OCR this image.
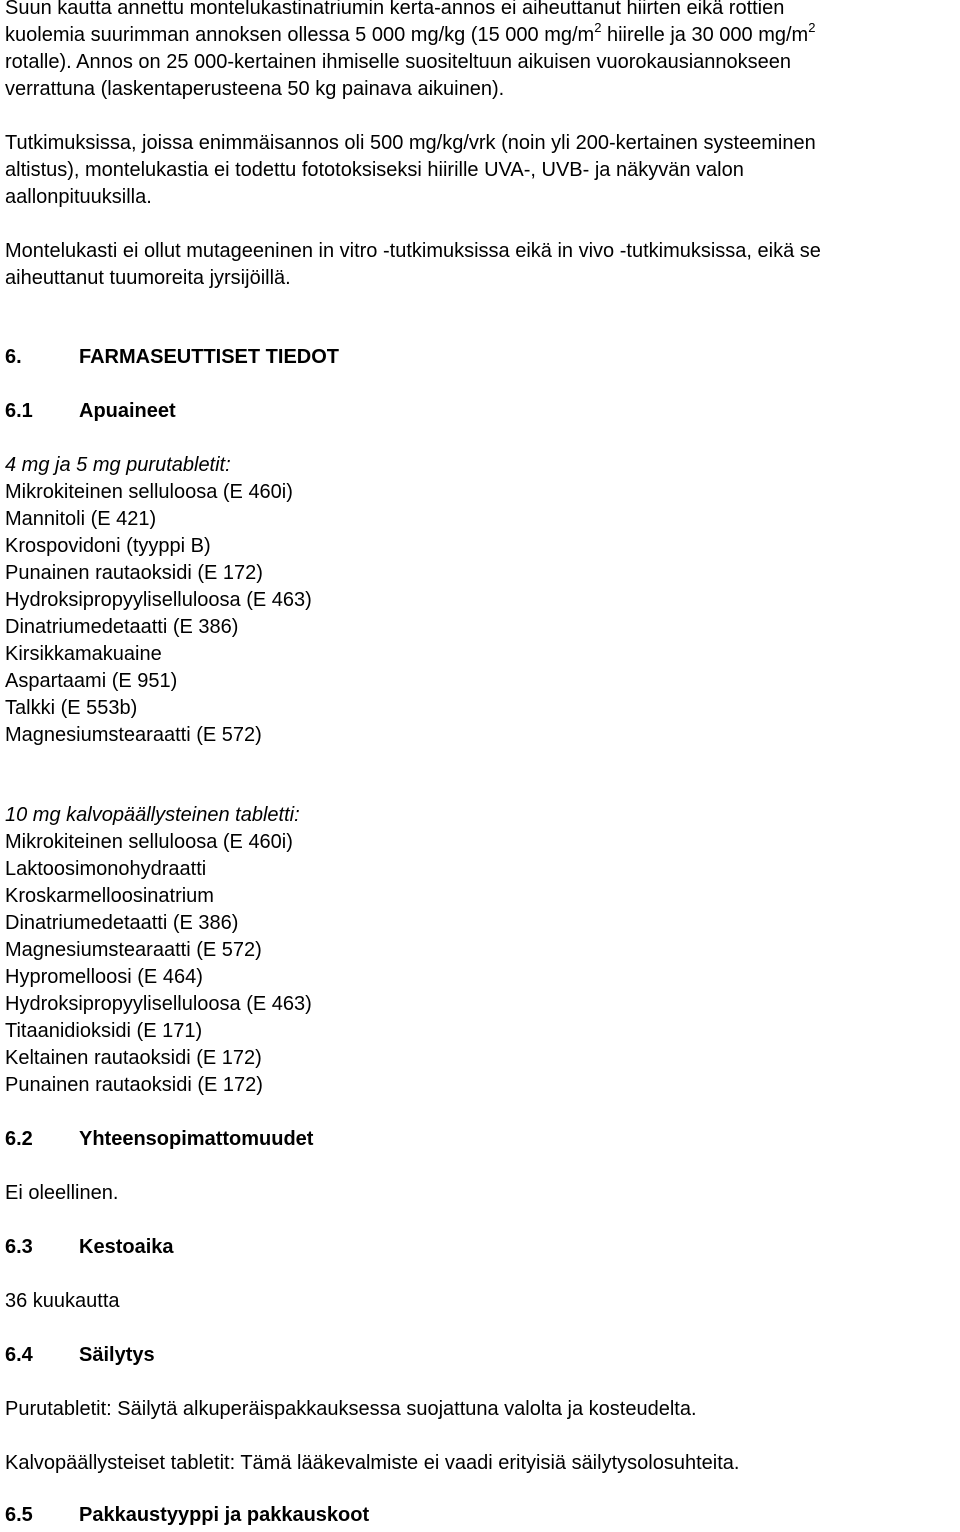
Suun kautta annettu montelukastinatriumin kerta-annos ei aiheuttanut hiirten eikä rottien
kuolemia suurimman annoksen ollessa 5 000 mg/kg (15 000 $mg/m^2$ hiirelle ja 30 000 $mg/m^2$
rotalle). Annos on 25 000-kertainen ihmiselle suositeltuun aikuisen vuorokausiannokseen
verrattuna (laskentaperusteena 50 kg painava aikuinen).
Tutkimuksissa, joissa enimmäisannos oli 500 mg/kg/vrk (noin yli 200-kertainen systeeminen
altistus), montelukastia ei todettu fototoksiseksi hiirille UVA-, UVB- ja näkyvän valon
aallonpituuksilla.
Montelukasti ei ollut mutageeninen in vitro -tutkimuksissa eikä in vivo -tutkimuksissa, eikä se
aiheuttanut tuumoreita jyrsijöillä.
6.	FARMASEUTTISET TIEDOT
6.1 Apuaineet
4 mg ja 5 mg purutabletit:
Mikrokiteinen selluloosa (E 460i)
Mannitoli (E 421)
Krospovidoni (tyyppi B)
Punainen rautaoksidi (E 172)
Hydroksipropyyliselluloosa (E 463)
Dinatriumedetaatti (E 386)
Kirsikkamakuaine
Aspartaami (E 951)
Talkki (E 553b)
Magnesiumstearaatti (E 572)
10 mg kalvopäällysteinen tabletti:
Mikrokiteinen selluloosa (E 460i)
Laktoosimonohydraatti
Kroskarmelloosinatrium
Dinatriumedetaatti (E 386)
Magnesiumstearaatti (E 572)
Hypromelloosi (E 464)
Hydroksipropyyliselluloosa (E 463)
Titaanidioksidi (E 171)
Keltainen rautaoksidi (E 172)
Punainen rautaoksidi (E 172)
6.2 Yhteensopimattomuudet
Ei oleellinen.
6.3 Kestoaika
36 kuukautta
6.4 Säilytys
Purutabletit: Säilytä alkuperäispakkauksessa suojattuna valolta ja kosteudelta.
Kalvopäällysteiset tabletit: Tämä lääkevalmiste ei vaadi erityisiä säilytysolosuhteita.
6.5 Pakkaustyyppi ja pakkauskoot
